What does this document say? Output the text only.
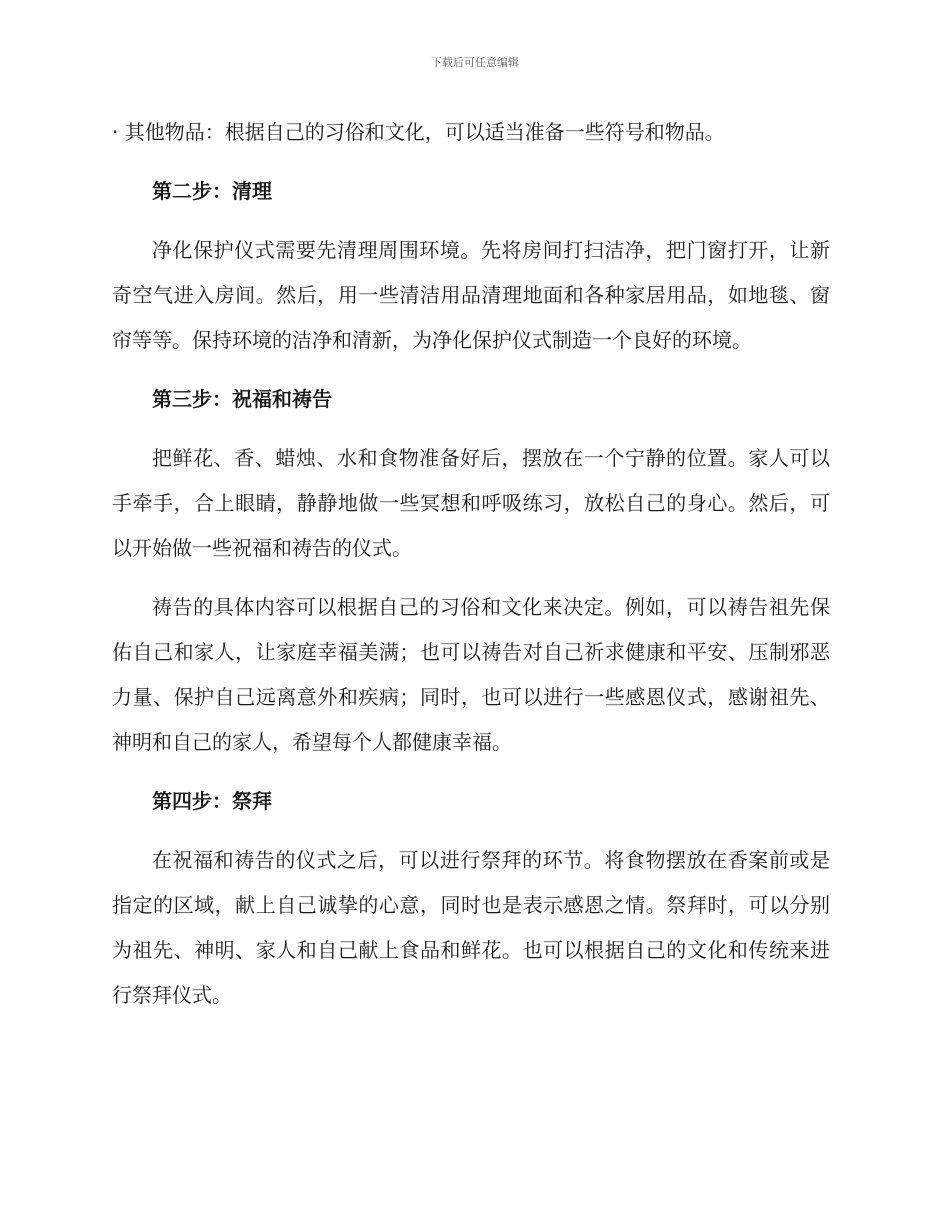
下载后可任意编辑

· 其他物品：根据自己的习俗和文化，可以适当准备一些符号和物品。

第二步：清理

净化保护仪式需要先清理周围环境。先将房间打扫洁净，把门窗打开，让新奇空气进入房间。然后，用一些清洁用品清理地面和各种家居用品，如地毯、窗帘等等。保持环境的洁净和清新，为净化保护仪式制造一个良好的环境。

第三步：祝福和祷告

把鲜花、香、蜡烛、水和食物准备好后，摆放在一个宁静的位置。家人可以手牵手，合上眼睛，静静地做一些冥想和呼吸练习，放松自己的身心。然后，可以开始做一些祝福和祷告的仪式。

祷告的具体内容可以根据自己的习俗和文化来决定。例如，可以祷告祖先保佑自己和家人，让家庭幸福美满；也可以祷告对自己祈求健康和平安、压制邪恶力量、保护自己远离意外和疾病；同时，也可以进行一些感恩仪式，感谢祖先、神明和自己的家人，希望每个人都健康幸福。

第四步：祭拜

在祝福和祷告的仪式之后，可以进行祭拜的环节。将食物摆放在香案前或是指定的区域，献上自己诚挚的心意，同时也是表示感恩之情。祭拜时，可以分别为祖先、神明、家人和自己献上食品和鲜花。也可以根据自己的文化和传统来进行祭拜仪式。
